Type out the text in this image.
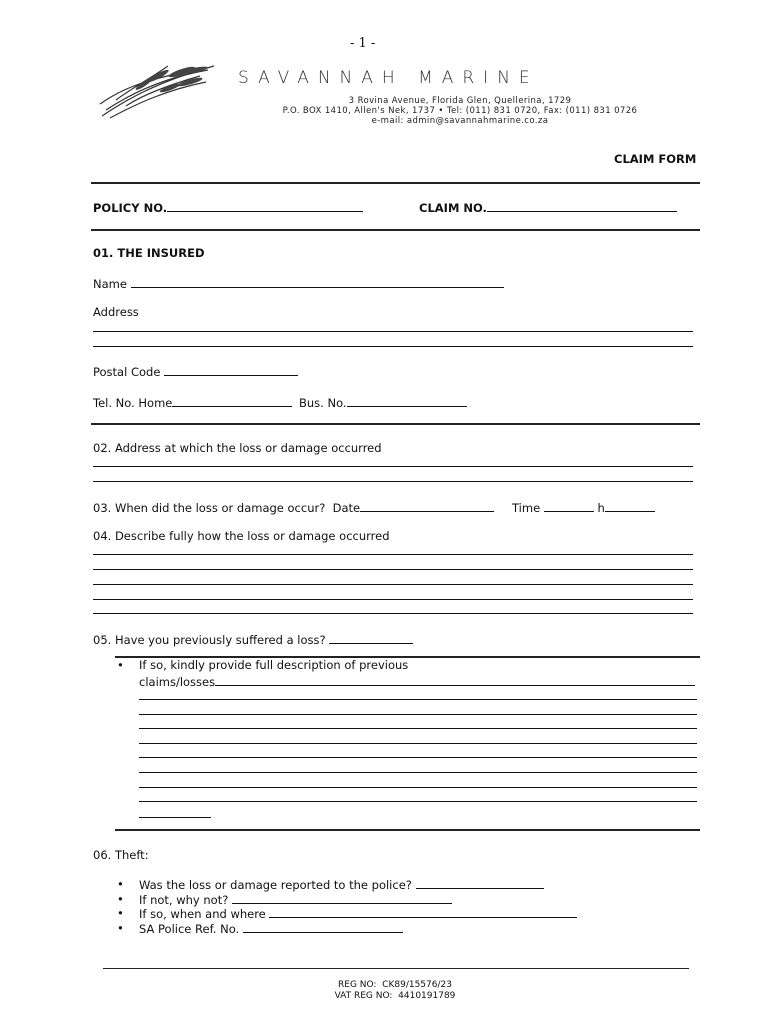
- 1 -
SAVANNAH MARINE
3 Rovina Avenue, Florida Glen, Quellerina, 1729
P.O. BOX 1410, Allen's Nek, 1737 • Tel: (011) 831 0720, Fax: (011) 831 0726
e-mail: admin@savannahmarine.co.za
CLAIM FORM
POLICY NO.	CLAIM NO.
01. THE INSURED
Name
Address
Postal Code
Tel. No. Home	Bus. No.
02. Address at which the loss or damage occurred
03. When did the loss or damage occur?  Date	Time	h
04. Describe fully how the loss or damage occurred
05. Have you previously suffered a loss?
• If so, kindly provide full description of previous
claims/losses
06. Theft:
• Was the loss or damage reported to the police?
• If not, why not?
• If so, when and where
• SA Police Ref. No.
REG NO:  CK89/15576/23
VAT REG NO:  4410191789
